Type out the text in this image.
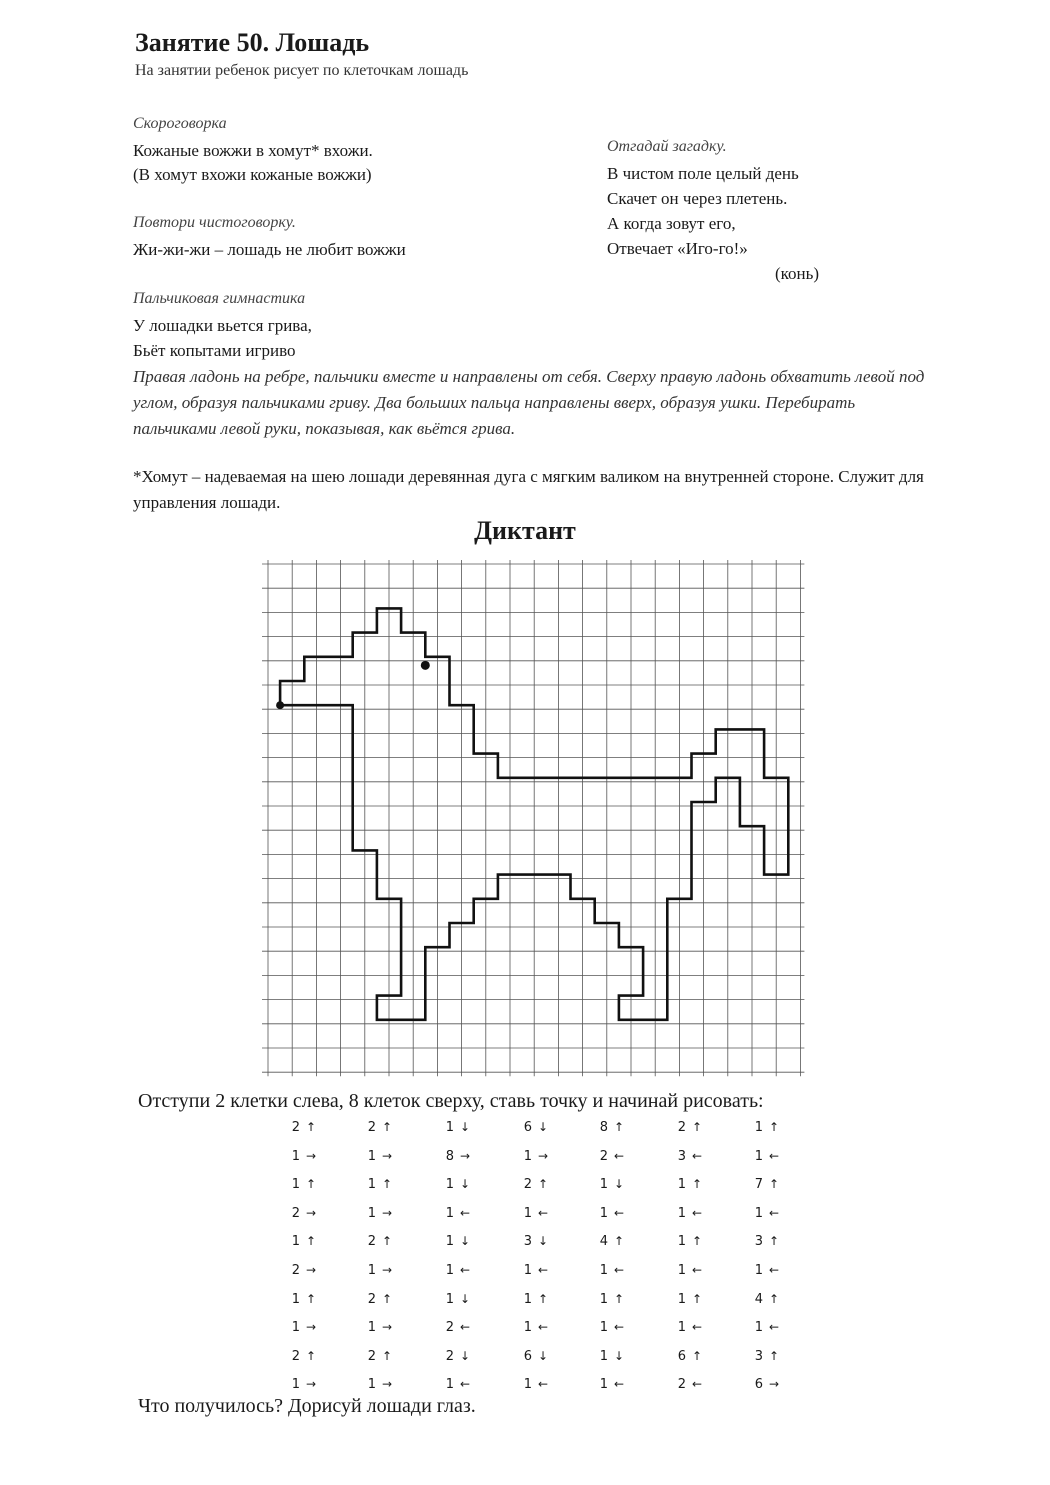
Занятие 50. Лошадь
На занятии ребенок рисует по клеточкам лошадь
Скороговорка
Кожаные вожжи в хомут* вхожи.
(В хомут вхожи кожаные вожжи)
Повтори чистоговорку.
Жи-жи-жи – лошадь не любит вожжи
Пальчиковая гимнастика
У лошадки вьется грива,
Бьёт копытами игриво
Правая ладонь на ребре, пальчики вместе и направлены от себя. Сверху правую ладонь обхватить левой под углом, образуя пальчиками гриву. Два больших пальца направлены вверх, образуя ушки. Перебирать пальчиками левой руки, показывая, как вьётся грива.
Отгадай загадку.
В чистом поле целый день
Скачет он через плетень.
А когда зовут его,
Отвечает «Иго-го!»
(конь)
*Хомут – надеваемая на шею лошади деревянная дуга с мягким валиком на внутренней стороне. Служит для управления лошади.
Диктант
Отступи 2 клетки слева, 8 клеток сверху, ставь точку и начинай рисовать:
2 ↑
1 →
1 ↑
2 →
1 ↑
2 →
1 ↑
1 →
2 ↑
1 →
2 ↑
1 →
1 ↑
1 →
2 ↑
1 →
2 ↑
1 →
2 ↑
1 →
1 ↓
8 →
1 ↓
1 ←
1 ↓
1 ←
1 ↓
2 ←
2 ↓
1 ←
6 ↓
1 →
2 ↑
1 ←
3 ↓
1 ←
1 ↑
1 ←
6 ↓
1 ←
8 ↑
2 ←
1 ↓
1 ←
4 ↑
1 ←
1 ↑
1 ←
1 ↓
1 ←
2 ↑
3 ←
1 ↑
1 ←
1 ↑
1 ←
1 ↑
1 ←
6 ↑
2 ←
1 ↑
1 ←
7 ↑
1 ←
3 ↑
1 ←
4 ↑
1 ←
3 ↑
6 →
Что получилось? Дорисуй лошади глаз.
